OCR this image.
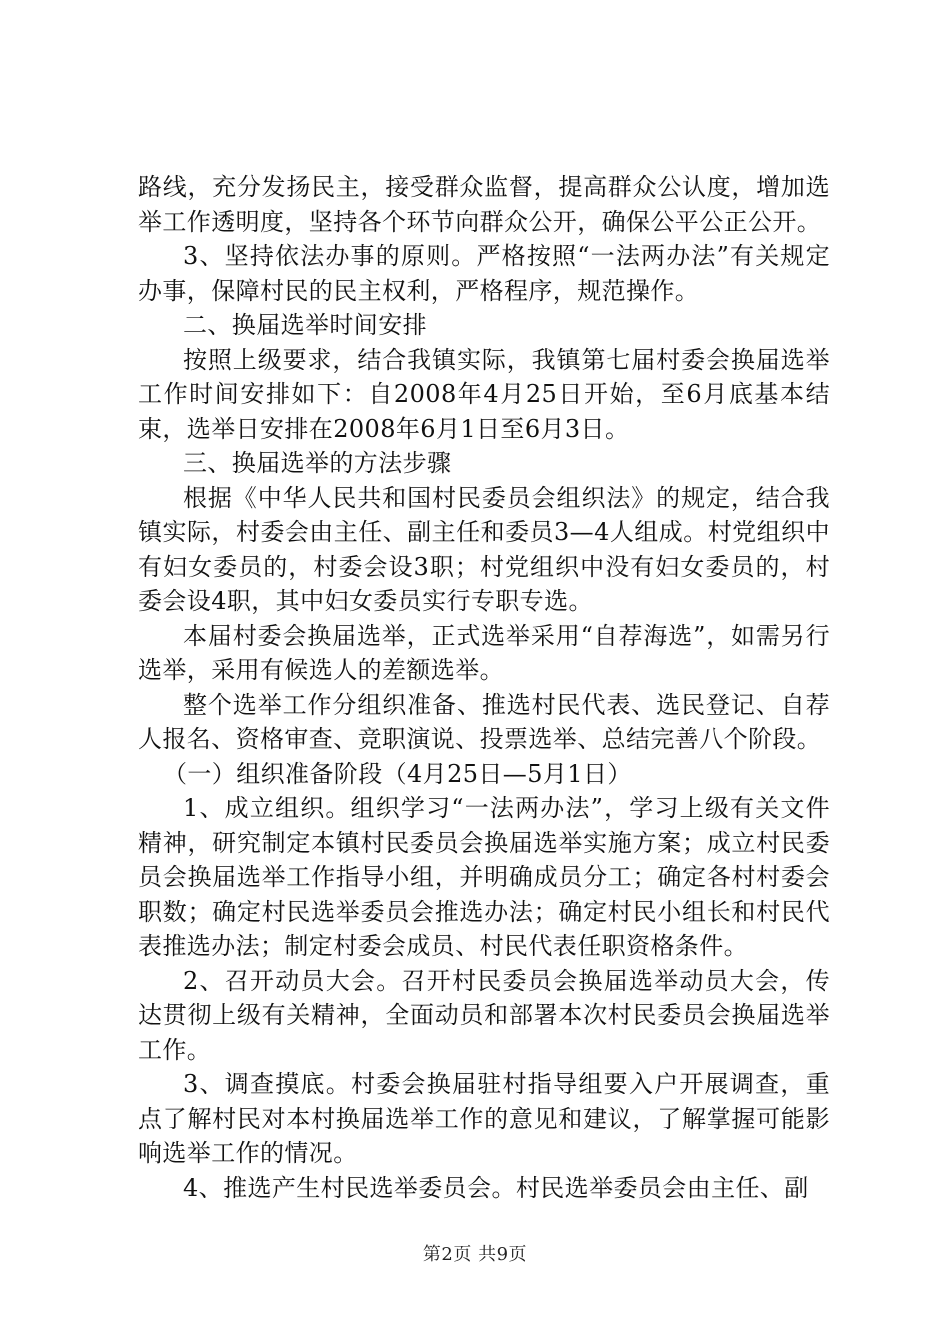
路线，充分发扬民主，接受群众监督，提高群众公认度，增加选举工作透明度，坚持各个环节向群众公开，确保公平公正公开。

3、坚持依法办事的原则。严格按照“一法两办法”有关规定办事，保障村民的民主权利，严格程序，规范操作。

二、换届选举时间安排

按照上级要求，结合我镇实际，我镇第七届村委会换届选举工作时间安排如下：自2008年4月25日开始，至6月底基本结束，选举日安排在2008年6月1日至6月3日。

三、换届选举的方法步骤

根据《中华人民共和国村民委员会组织法》的规定，结合我镇实际，村委会由主任、副主任和委员3—4人组成。村党组织中有妇女委员的，村委会设3职；村党组织中没有妇女委员的，村委会设4职，其中妇女委员实行专职专选。

本届村委会换届选举，正式选举采用“自荐海选”，如需另行选举，采用有候选人的差额选举。

整个选举工作分组织准备、推选村民代表、选民登记、自荐人报名、资格审查、竞职演说、投票选举、总结完善八个阶段。

（一）组织准备阶段（4月25日—5月1日）

1、成立组织。组织学习“一法两办法”，学习上级有关文件精神，研究制定本镇村民委员会换届选举实施方案；成立村民委员会换届选举工作指导小组，并明确成员分工；确定各村村委会职数；确定村民选举委员会推选办法；确定村民小组长和村民代表推选办法；制定村委会成员、村民代表任职资格条件。

2、召开动员大会。召开村民委员会换届选举动员大会，传达贯彻上级有关精神，全面动员和部署本次村民委员会换届选举工作。

3、调查摸底。村委会换届驻村指导组要入户开展调查，重点了解村民对本村换届选举工作的意见和建议，了解掌握可能影响选举工作的情况。

4、推选产生村民选举委员会。村民选举委员会由主任、副

第2页 共9页
